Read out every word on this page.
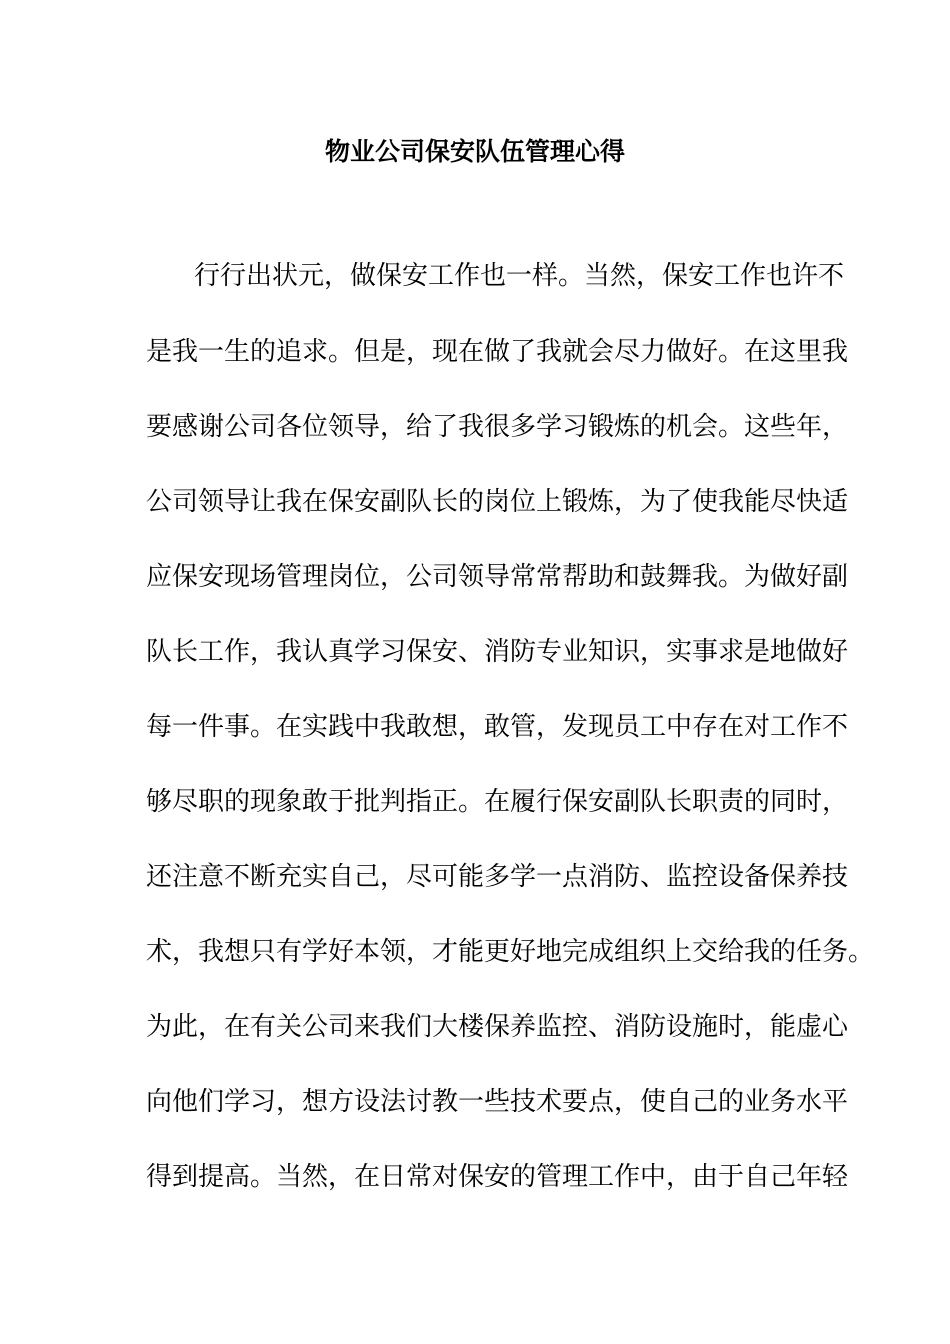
物业公司保安队伍管理心得

行行出状元，做保安工作也一样。当然，保安工作也许不

是我一生的追求。但是，现在做了我就会尽力做好。在这里我

要感谢公司各位领导，给了我很多学习锻炼的机会。这些年，

公司领导让我在保安副队长的岗位上锻炼，为了使我能尽快适

应保安现场管理岗位，公司领导常常帮助和鼓舞我。为做好副

队长工作，我认真学习保安、消防专业知识，实事求是地做好

每一件事。在实践中我敢想，敢管，发现员工中存在对工作不

够尽职的现象敢于批判指正。在履行保安副队长职责的同时，

还注意不断充实自己，尽可能多学一点消防、监控设备保养技

术，我想只有学好本领，才能更好地完成组织上交给我的任务。

为此，在有关公司来我们大楼保养监控、消防设施时，能虚心

向他们学习，想方设法讨教一些技术要点，使自己的业务水平

得到提高。当然，在日常对保安的管理工作中，由于自己年轻
